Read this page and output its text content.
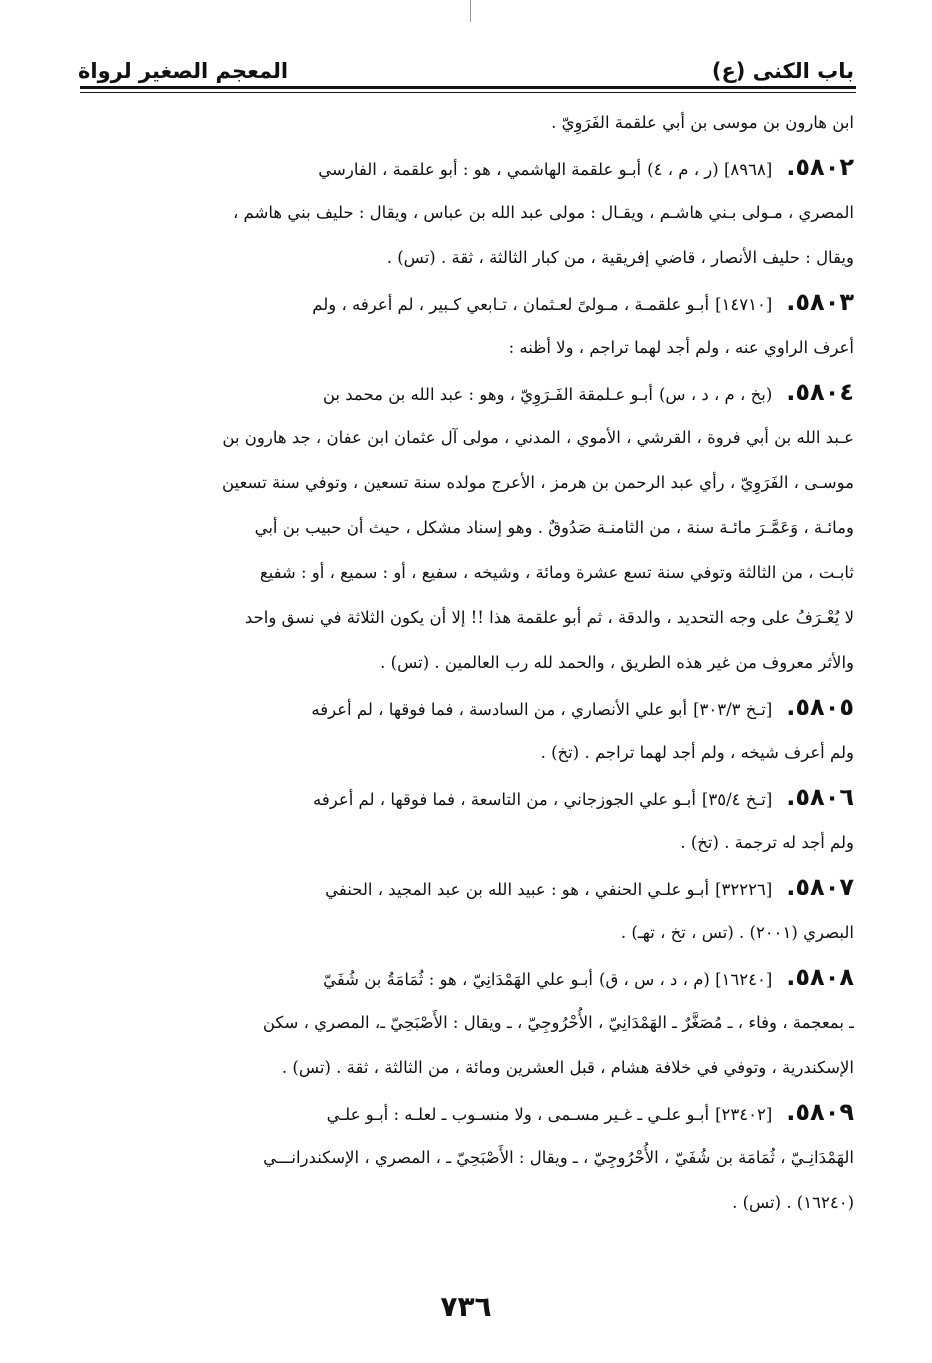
باب الكنى (ع)
المعجم الصغير لرواة
ابن هارون بن موسى بن أبي علقمة الفَرَوِيّ .
٥٨٠٢.[٨٩٦٨] (ر ، م ، ٤)أبـو علقمة الهاشمي ، هو : أبو علقمة ، الفارسي
المصري ، مـولى بـني هاشـم ، ويقـال : مولى عبد الله بن عباس ، ويقال : حليف بني هاشم ،
ويقال : حليف الأنصار ، قاضي إفريقية ، من كبار الثالثة ، ثقة . (تس) .
٥٨٠٣.[١٤٧١٠]أبـو علقمـة ، مـولىً لعـثمان ، تـابعي كـبير ، لم أعرفه ، ولم
أعرف الراوي عنه ، ولم أجد لهما تراجم ، ولا أظنه :
٥٨٠٤.(بخ ، م ، د ، س)أبـو عـلمقة الفَـرَوِيّ ، وهو : عبد الله بن محمد بن
عـبد الله بن أبي فروة ، القرشي ، الأموي ، المدني ، مولى آل عثمان ابن عفان ، جد هارون بن
موسـى ، الفَرَوِيّ ، رأي عبد الرحمن بن هرمز ، الأعرج مولده سنة تسعين ، وتوفي سنة تسعين
ومائـة ، وَعَمَّـرَ مائـة سنة ، من الثامنـة صَدُوقٌ . وهو إسناد مشكل ، حيث أن حبيب بن أبي
ثابـت ، من الثالثة وتوفي سنة تسع عشرة ومائة ، وشيخه ، سفيع ، أو : سميع ، أو : شفيع
لا يُعْـرَفُ على وجه التحديد ، والدقة ، ثم أبو علقمة هذا !! إلا أن يكون الثلاثة في نسق واحد
والأثر معروف من غير هذه الطريق ، والحمد لله رب العالمين . (تس) .
٥٨٠٥.[تـخ ٣٠٣/٣]أبو علي الأنصاري ، من السادسة ، فما فوقها ، لم أعرفه
ولم أعرف شيخه ، ولم أجد لهما تراجم . (تخ) .
٥٨٠٦.[تـخ ٣٥/٤]أبـو علي الجوزجاني ، من التاسعة ، فما فوقها ، لم أعرفه
ولم أجد له ترجمة . (تخ) .
٥٨٠٧.[٣٢٢٢٦]أبـو علـي الحنفي ، هو : عبيد الله بن عبد المجيد ، الحنفي
البصري (٢٠٠١) . (تس ، تخ ، تهـ) .
٥٨٠٨.[١٦٢٤٠] (م ، د ، س ، ق)أبـو علي الهَمْدَانِيّ ، هو : ثُمَامَةُ بن شُفَيّ
ـ بمعجمة ، وفاء ، ـ مُصَغَّرٌ ـ الهَمْدَانِيّ ، الأُحْرُوجِيّ ، ـ ويقال : الأَصْبَحِيّ ـ، المصري ، سكن
الإسكندرية ، وتوفي في خلافة هشام ، قبل العشرين ومائة ، من الثالثة ، ثقة . (تس) .
٥٨٠٩.[٢٣٤٠٢]أبـو علـي ـ غـير مسـمى ، ولا منسـوب ـ لعلـه : أبـو علـي
الهَمْدَانِـيّ ، ثُمَامَة بن شُفَيّ ، الأُحْرُوجِيّ ، ـ ويقال : الأَصْبَحِيّ ـ ، المصري ، الإسكندرانـــي
(١٦٢٤٠) . (تس) .
٧٣٦
